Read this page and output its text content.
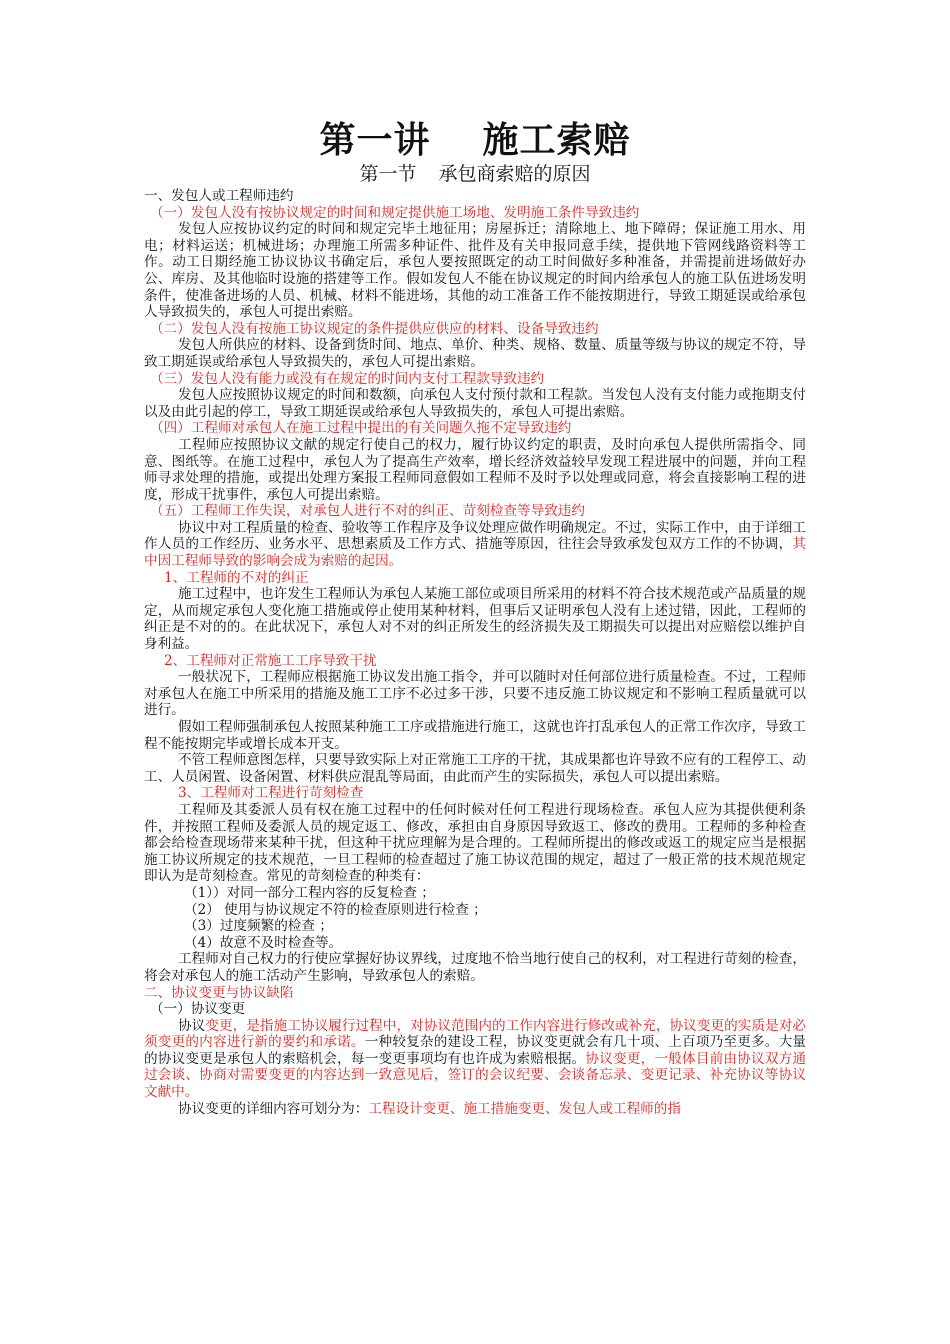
第一讲 施工索赔
第一节 承包商索赔的原因

一、发包人或工程师违约

（一）发包人没有按协议规定的时间和规定提供施工场地、发明施工条件导致违约

发包人应按协议约定的时间和规定完毕土地征用；房屋拆迁；清除地上、地下障碍；保证施工用水、用电；材料运送；机械进场；办理施工所需多种证件、批件及有关申报同意手续，提供地下管网线路资料等工作。动工日期经施工协议协议书确定后，承包人要按照既定的动工时间做好多种准备，并需提前进场做好办公、库房、及其他临时设施的搭建等工作。假如发包人不能在协议规定的时间内给承包人的施工队伍进场发明条件，使准备进场的人员、机械、材料不能进场，其他的动工准备工作不能按期进行，导致工期延误或给承包人导致损失的，承包人可提出索赔。

（二）发包人没有按施工协议规定的条件提供应供应的材料、设备导致违约

发包人所供应的材料、设备到货时间、地点、单价、种类、规格、数量、质量等级与协议的规定不符，导致工期延误或给承包人导致损失的，承包人可提出索赔。

（三）发包人没有能力或没有在规定的时间内支付工程款导致违约

发包人应按照协议规定的时间和数额，向承包人支付预付款和工程款。当发包人没有支付能力或拖期支付以及由此引起的停工，导致工期延误或给承包人导致损失的，承包人可提出索赔。

（四）工程师对承包人在施工过程中提出的有关问题久拖不定导致违约

工程师应按照协议文献的规定行使自己的权力，履行协议约定的职责，及时向承包人提供所需指令、同意、图纸等。在施工过程中，承包人为了提高生产效率，增长经济效益较早发现工程进展中的问题，并向工程师寻求处理的措施，或提出处理方案报工程师同意假如工程师不及时予以处理或同意，将会直接影响工程的进度，形成干扰事件，承包人可提出索赔。

（五）工程师工作失误，对承包人进行不对的纠正、苛刻检查等导致违约

协议中对工程质量的检查、验收等工作程序及争议处理应做作明确规定。不过，实际工作中，由于详细工作人员的工作经历、业务水平、思想素质及工作方式、措施等原因，往往会导致承发包双方工作的不协调，其中因工程师导致的影响会成为索赔的起因。

1、工程师的不对的纠正

施工过程中，也许发生工程师认为承包人某施工部位或项目所采用的材料不符合技术规范或产品质量的规定，从而规定承包人变化施工措施或停止使用某种材料，但事后又证明承包人没有上述过错，因此，工程师的纠正是不对的的。在此状况下，承包人对不对的纠正所发生的经济损失及工期损失可以提出对应赔偿以维护自身利益。

2、工程师对正常施工工序导致干扰

一般状况下，工程师应根据施工协议发出施工指令，并可以随时对任何部位进行质量检查。不过，工程师对承包人在施工中所采用的措施及施工工序不必过多干涉，只要不违反施工协议规定和不影响工程质量就可以进行。

假如工程师强制承包人按照某种施工工序或措施进行施工，这就也许打乱承包人的正常工作次序，导致工程不能按期完毕或增长成本开支。

不管工程师意图怎样，只要导致实际上对正常施工工序的干扰，其成果都也许导致不应有的工程停工、动工、人员闲置、设备闲置、材料供应混乱等局面，由此而产生的实际损失，承包人可以提出索赔。

3、工程师对工程进行苛刻检查

工程师及其委派人员有权在施工过程中的任何时候对任何工程进行现场检查。承包人应为其提供便利条件，并按照工程师及委派人员的规定返工、修改，承担由自身原因导致返工、修改的费用。工程师的多种检查都会给检查现场带来某种干扰，但这种干扰应理解为是合理的。工程师所提出的修改或返工的规定应当是根据施工协议所规定的技术规范，一旦工程师的检查超过了施工协议范围的规定，超过了一般正常的技术规范规定即认为是苛刻检查。常见的苛刻检查的种类有：

（1））对同一部分工程内容的反复检查 ；

（2） 使用与协议规定不符的检查原则进行检查 ；

（3）过度频繁的检查 ；

（4）故意不及时检查等。

工程师对自己权力的行使应掌握好协议界线，过度地不恰当地行使自己的权利，对工程进行苛刻的检查，将会对承包人的施工活动产生影响，导致承包人的索赔。

二、协议变更与协议缺陷

（一）协议变更

协议变更，是指施工协议履行过程中，对协议范围内的工作内容进行修改或补充，协议变更的实质是对必须变更的内容进行新的要约和承诺。一种较复杂的建设工程，协议变更就会有几十项、上百项乃至更多。大量的协议变更是承包人的索赔机会，每一变更事项均有也许成为索赔根据。协议变更，一般体目前由协议双方通过会谈、协商对需要变更的内容达到一致意见后，签订的会议纪要、会谈备忘录、变更记录、补充协议等协议文献中。

协议变更的详细内容可划分为：工程设计变更、施工措施变更、发包人或工程师的指
